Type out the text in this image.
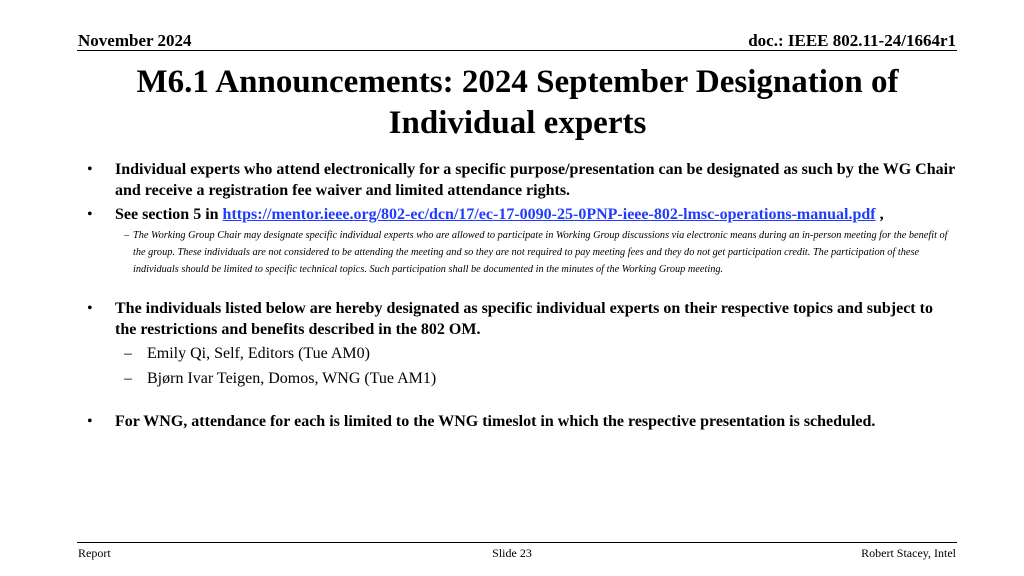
November 2024	doc.: IEEE 802.11-24/1664r1
M6.1 Announcements: 2024 September Designation of Individual experts
• Individual experts who attend electronically for a specific purpose/presentation can be designated as such by the WG Chair and receive a registration fee waiver and limited attendance rights.
• See section 5 in https://mentor.ieee.org/802-ec/dcn/17/ec-17-0090-25-0PNP-ieee-802-lmsc-operations-manual.pdf ,
– The Working Group Chair may designate specific individual experts who are allowed to participate in Working Group discussions via electronic means during an in-person meeting for the benefit of the group. These individuals are not considered to be attending the meeting and so they are not required to pay meeting fees and they do not get participation credit. The participation of these individuals should be limited to specific technical topics. Such participation shall be documented in the minutes of the Working Group meeting.
• The individuals listed below are hereby designated as specific individual experts on their respective topics and subject to the restrictions and benefits described in the 802 OM.
– Emily Qi, Self, Editors (Tue AM0)
– Bjørn Ivar Teigen, Domos, WNG (Tue AM1)
• For WNG, attendance for each is limited to the WNG timeslot in which the respective presentation is scheduled.
Report	Slide 23	Robert Stacey, Intel
